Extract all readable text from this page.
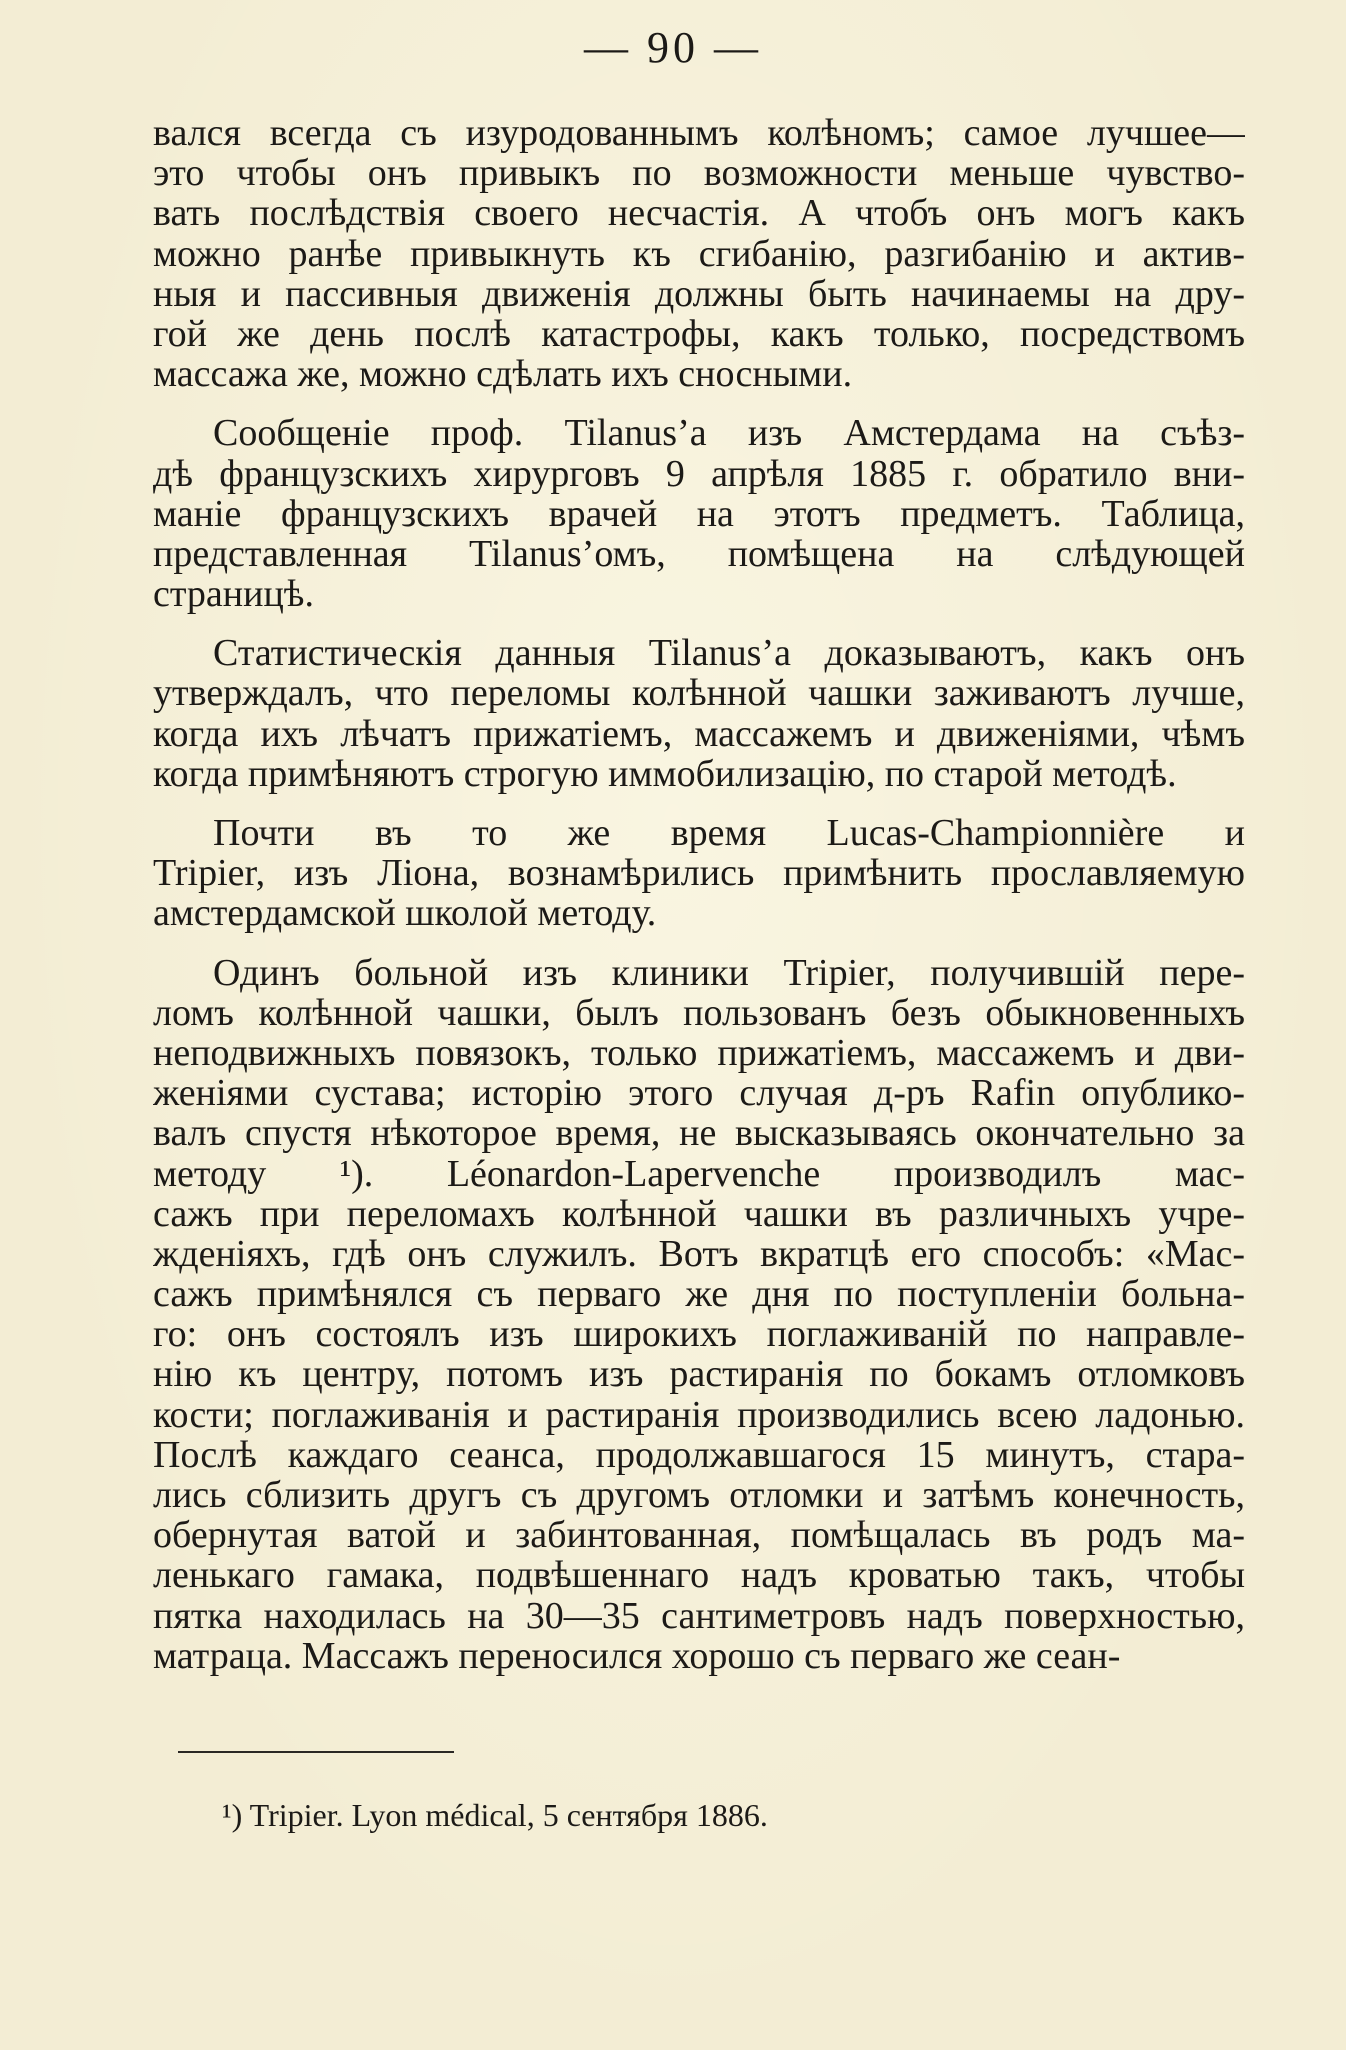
— 90 —
вался всегда съ изуродованнымъ колѣномъ; самое лучшее—
это чтобы онъ привыкъ по возможности меньше чувство-
вать послѣдствія своего несчастія. А чтобъ онъ могъ какъ
можно ранѣе привыкнуть къ сгибанію, разгибанію и актив-
ныя и пассивныя движенія должны быть начинаемы на дру-
гой же день послѣ катастрофы, какъ только, посредствомъ
массажа же, можно сдѣлать ихъ сносными.
Сообщеніе проф. Tilanus’a изъ Амстердама на съѣз-
дѣ французскихъ хирурговъ 9 апрѣля 1885 г. обратило вни-
маніе французскихъ врачей на этотъ предметъ. Таблица,
представленная Tilanus’омъ, помѣщена на слѣдующей
страницѣ.
Статистическія данныя Tilanus’a доказываютъ, какъ онъ
утверждалъ, что переломы колѣнной чашки заживаютъ лучше,
когда ихъ лѣчатъ прижатіемъ, массажемъ и движеніями, чѣмъ
когда примѣняютъ строгую иммобилизацію, по старой методѣ.
Почти въ то же время Lucas-Championnière и
Tripier, изъ Ліона, вознамѣрились примѣнить прославляемую
амстердамской школой методу.
Одинъ больной изъ клиники Tripier, получившій пере-
ломъ колѣнной чашки, былъ пользованъ безъ обыкновенныхъ
неподвижныхъ повязокъ, только прижатіемъ, массажемъ и дви-
женіями сустава; исторію этого случая д-ръ Rafin опублико-
валъ спустя нѣкоторое время, не высказываясь окончательно за
методу ¹). Léonardon-Lapervenche производилъ мас-
сажъ при переломахъ колѣнной чашки въ различныхъ учре-
жденіяхъ, гдѣ онъ служилъ. Вотъ вкратцѣ его способъ: «Мас-
сажъ примѣнялся съ перваго же дня по поступленіи больна-
го: онъ состоялъ изъ широкихъ поглаживаній по направле-
нію къ центру, потомъ изъ растиранія по бокамъ отломковъ
кости; поглаживанія и растиранія производились всею ладонью.
Послѣ каждаго сеанса, продолжавшагося 15 минутъ, стара-
лись сблизить другъ съ другомъ отломки и затѣмъ конечность,
обернутая ватой и забинтованная, помѣщалась въ родъ ма-
ленькаго гамака, подвѣшеннаго надъ кроватью такъ, чтобы
пятка находилась на 30—35 сантиметровъ надъ поверхностью,
матраца. Массажъ переносился хорошо съ перваго же сеан-
¹) Tripier. Lyon médical, 5 сентября 1886.
